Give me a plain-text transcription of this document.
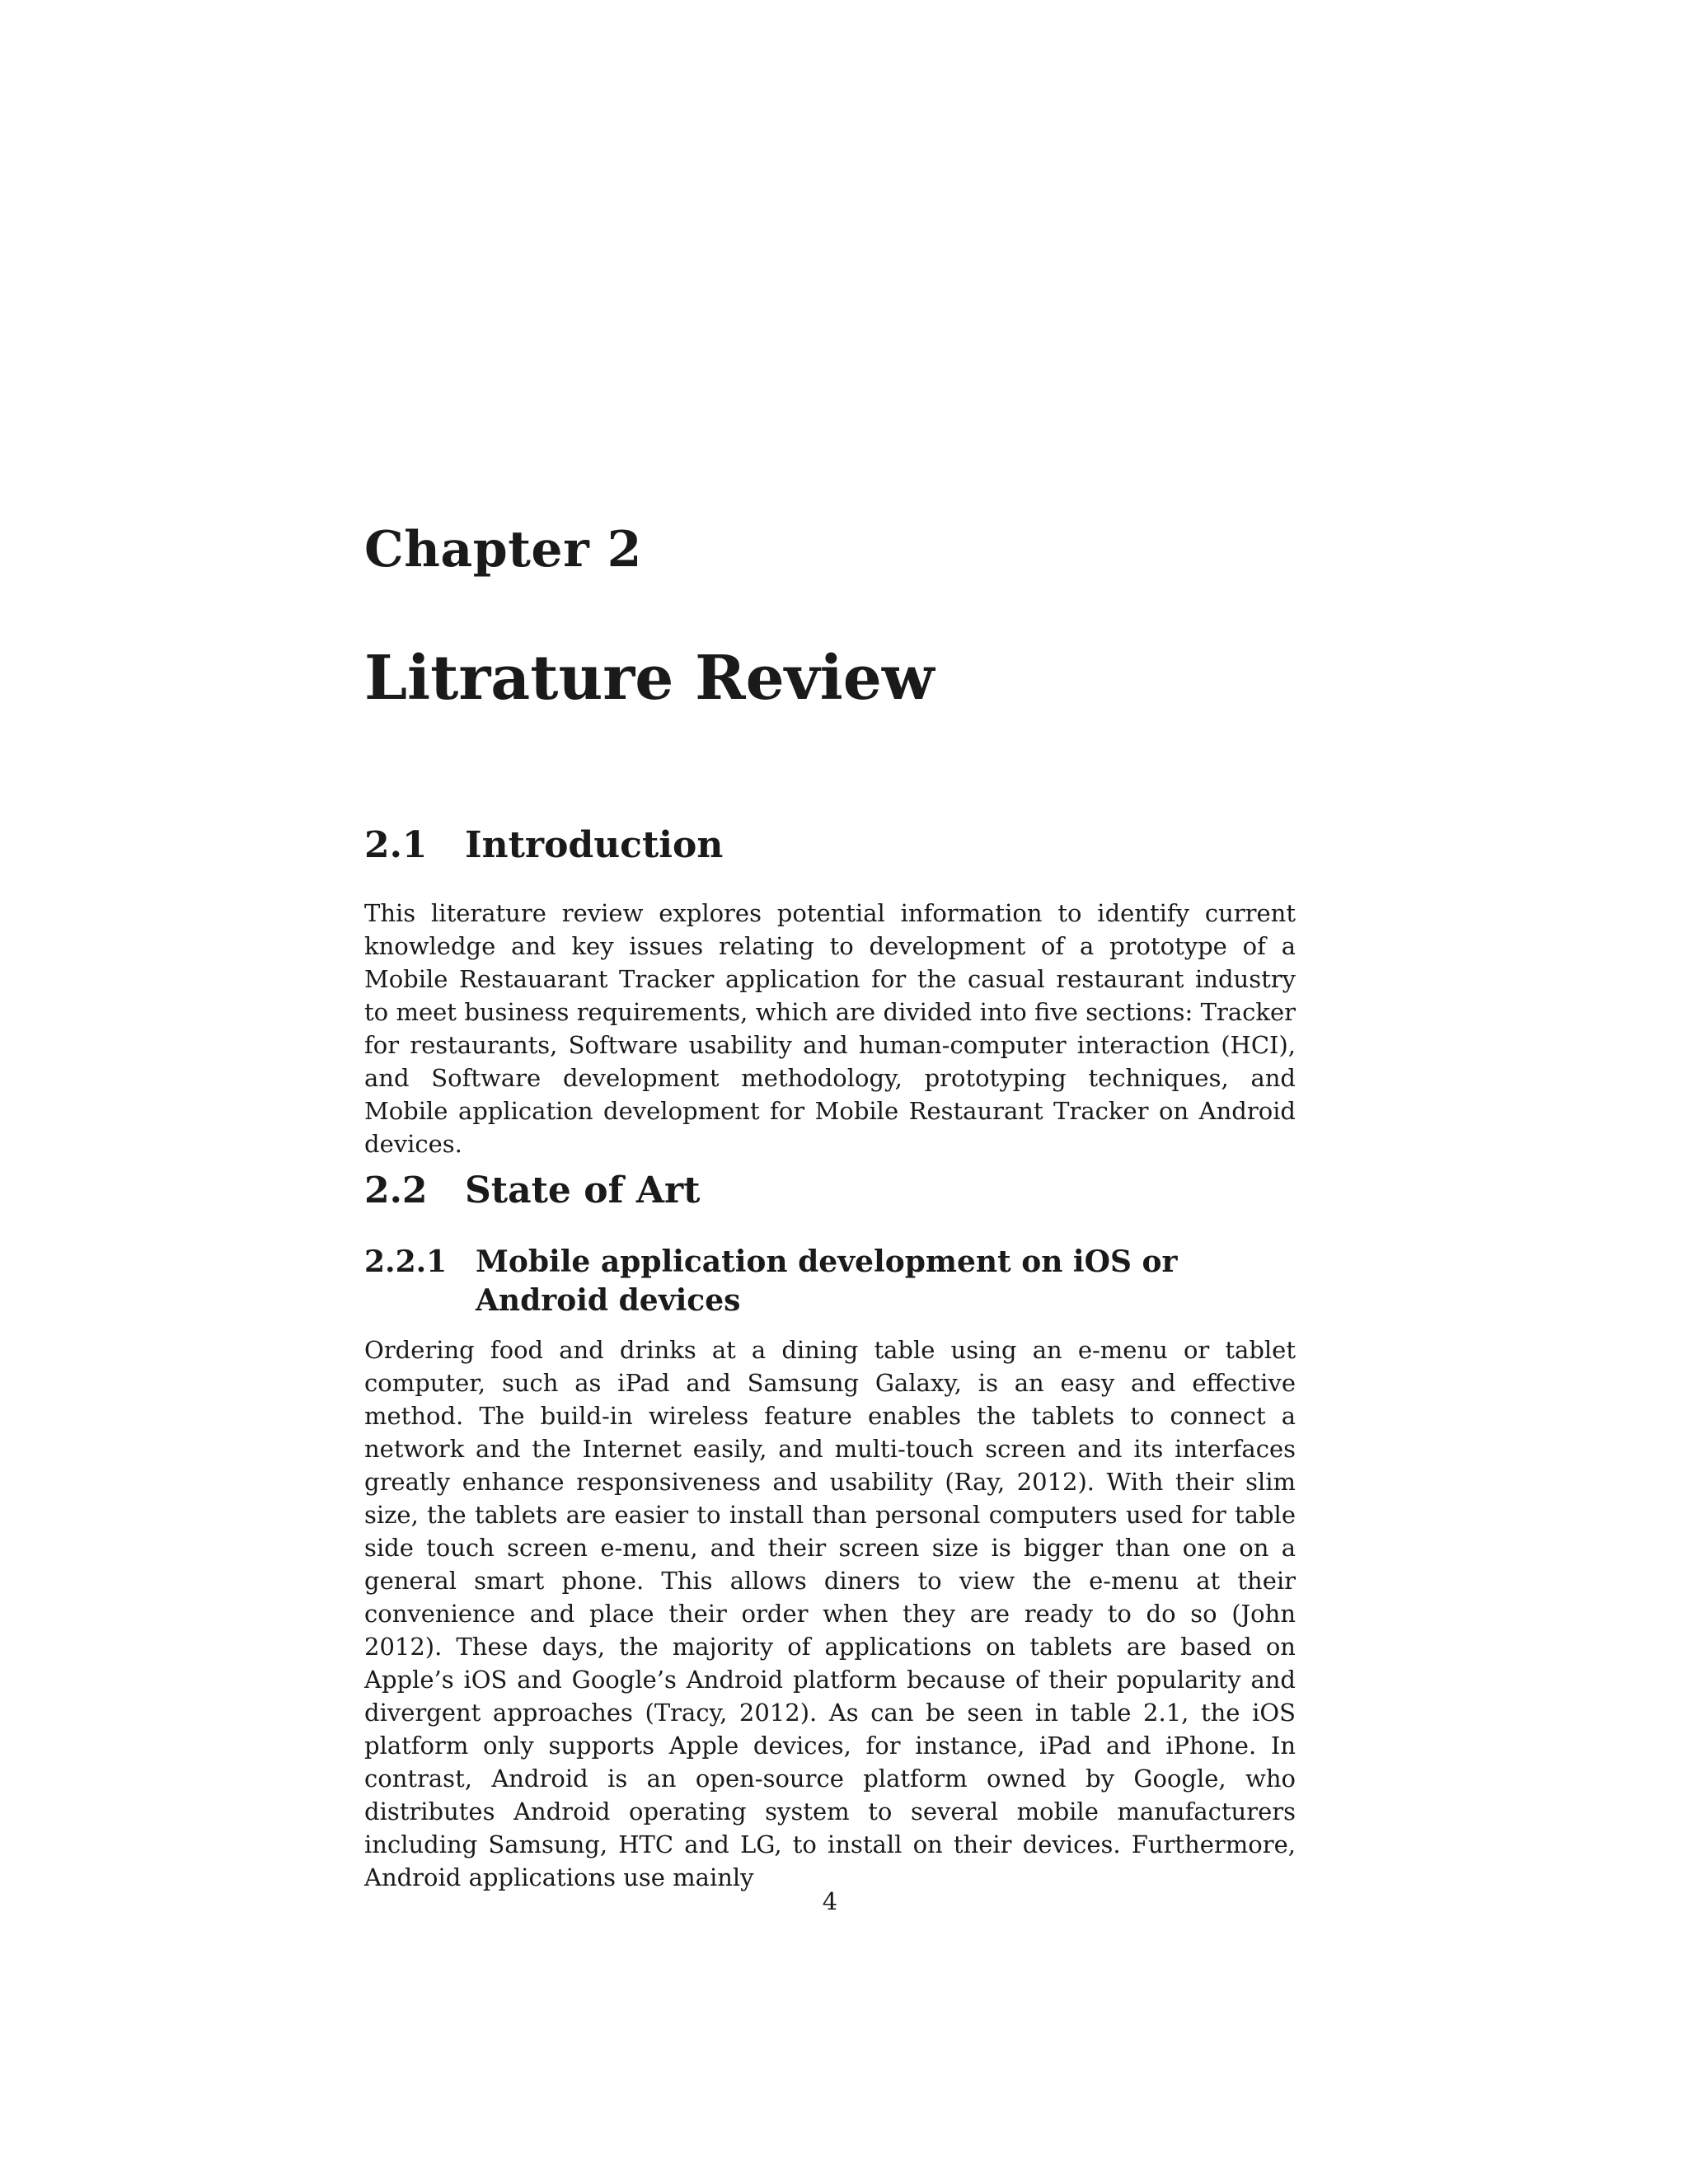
Chapter 2
Litrature Review
2.1 Introduction

This literature review explores potential information to identify current knowledge and key issues relating to development of a prototype of a Mobile Restauarant Tracker application for the casual restaurant industry to meet business requirements, which are divided into five sections: Tracker for restaurants, Software usability and human-computer interaction (HCI), and Software development methodology, prototyping techniques, and Mobile application development for Mobile Restaurant Tracker on Android devices.

2.2 State of Art
2.2.1 Mobile application development on iOS or Android devices

Ordering food and drinks at a dining table using an e-menu or tablet computer, such as iPad and Samsung Galaxy, is an easy and effective method. The build-in wireless feature enables the tablets to connect a network and the Internet easily, and multi-touch screen and its interfaces greatly enhance responsiveness and usability (Ray, 2012). With their slim size, the tablets are easier to install than personal computers used for table side touch screen e-menu, and their screen size is bigger than one on a general smart phone. This allows diners to view the e-menu at their convenience and place their order when they are ready to do so (John 2012). These days, the majority of applications on tablets are based on Apple’s iOS and Google’s Android platform because of their popularity and divergent approaches (Tracy, 2012). As can be seen in table 2.1, the iOS platform only supports Apple devices, for instance, iPad and iPhone. In contrast, Android is an open-source platform owned by Google, who distributes Android operating system to several mobile manufacturers including Samsung, HTC and LG, to install on their devices. Furthermore, Android applications use mainly

4
